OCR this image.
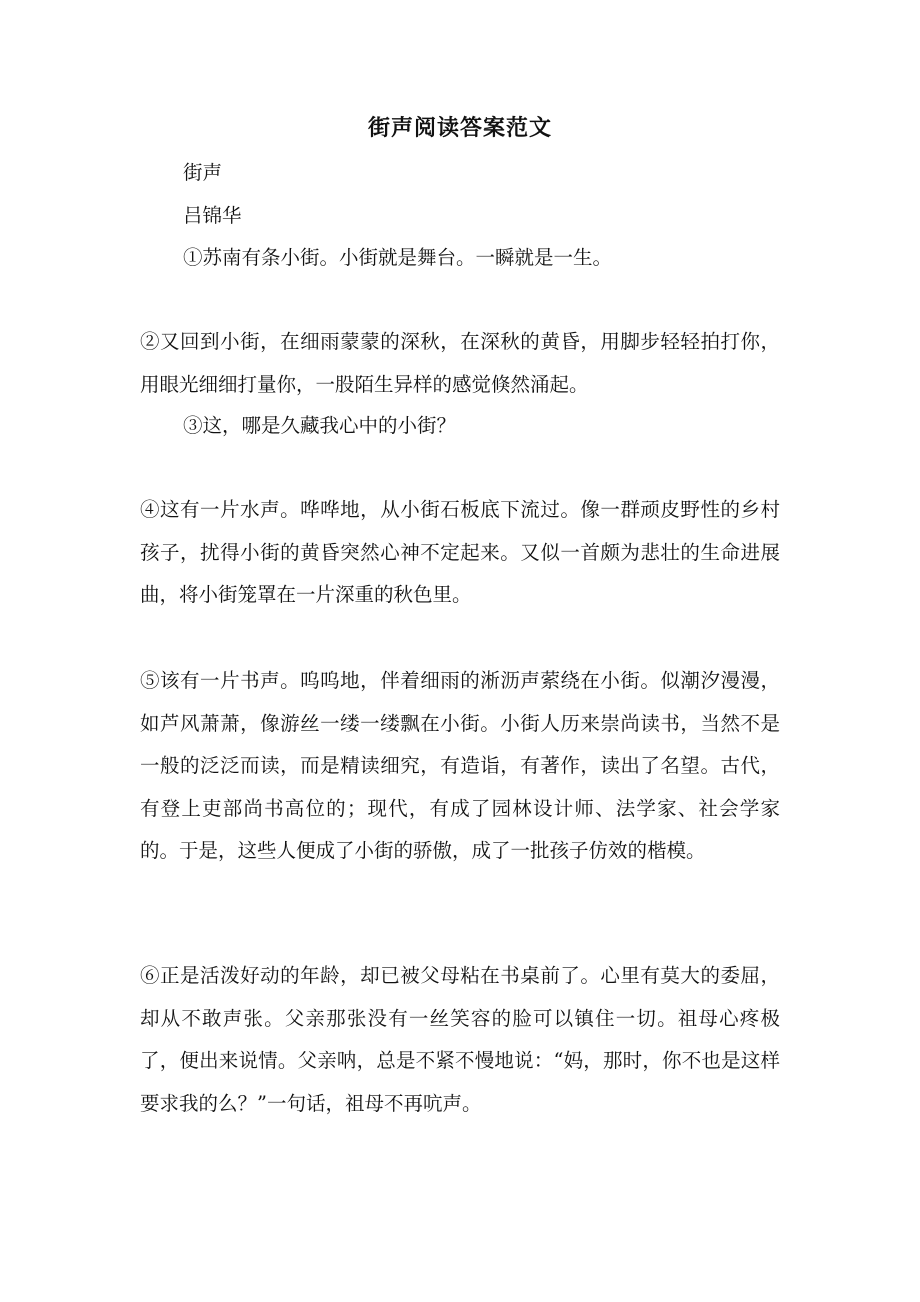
街声阅读答案范文
街声
吕锦华
①苏南有条小街。小街就是舞台。一瞬就是一生。
②又回到小街，在细雨蒙蒙的深秋，在深秋的黄昏，用脚步轻轻拍打你，用眼光细细打量你，一股陌生异样的感觉倏然涌起。
③这，哪是久藏我心中的小街？
④这有一片水声。哗哗地，从小街石板底下流过。像一群顽皮野性的乡村孩子，扰得小街的黄昏突然心神不定起来。又似一首颇为悲壮的生命进展曲，将小街笼罩在一片深重的秋色里。
⑤该有一片书声。呜呜地，伴着细雨的淅沥声萦绕在小街。似潮汐漫漫，如芦风萧萧，像游丝一缕一缕飘在小街。小街人历来崇尚读书，当然不是一般的泛泛而读，而是精读细究，有造诣，有著作，读出了名望。古代，有登上吏部尚书高位的；现代，有成了园林设计师、法学家、社会学家的。于是，这些人便成了小街的骄傲，成了一批孩子仿效的楷模。
⑥正是活泼好动的年龄，却已被父母粘在书桌前了。心里有莫大的委屈，却从不敢声张。父亲那张没有一丝笑容的脸可以镇住一切。祖母心疼极了，便出来说情。父亲呐，总是不紧不慢地说：“妈，那时，你不也是这样要求我的么？”一句话，祖母不再吭声。
